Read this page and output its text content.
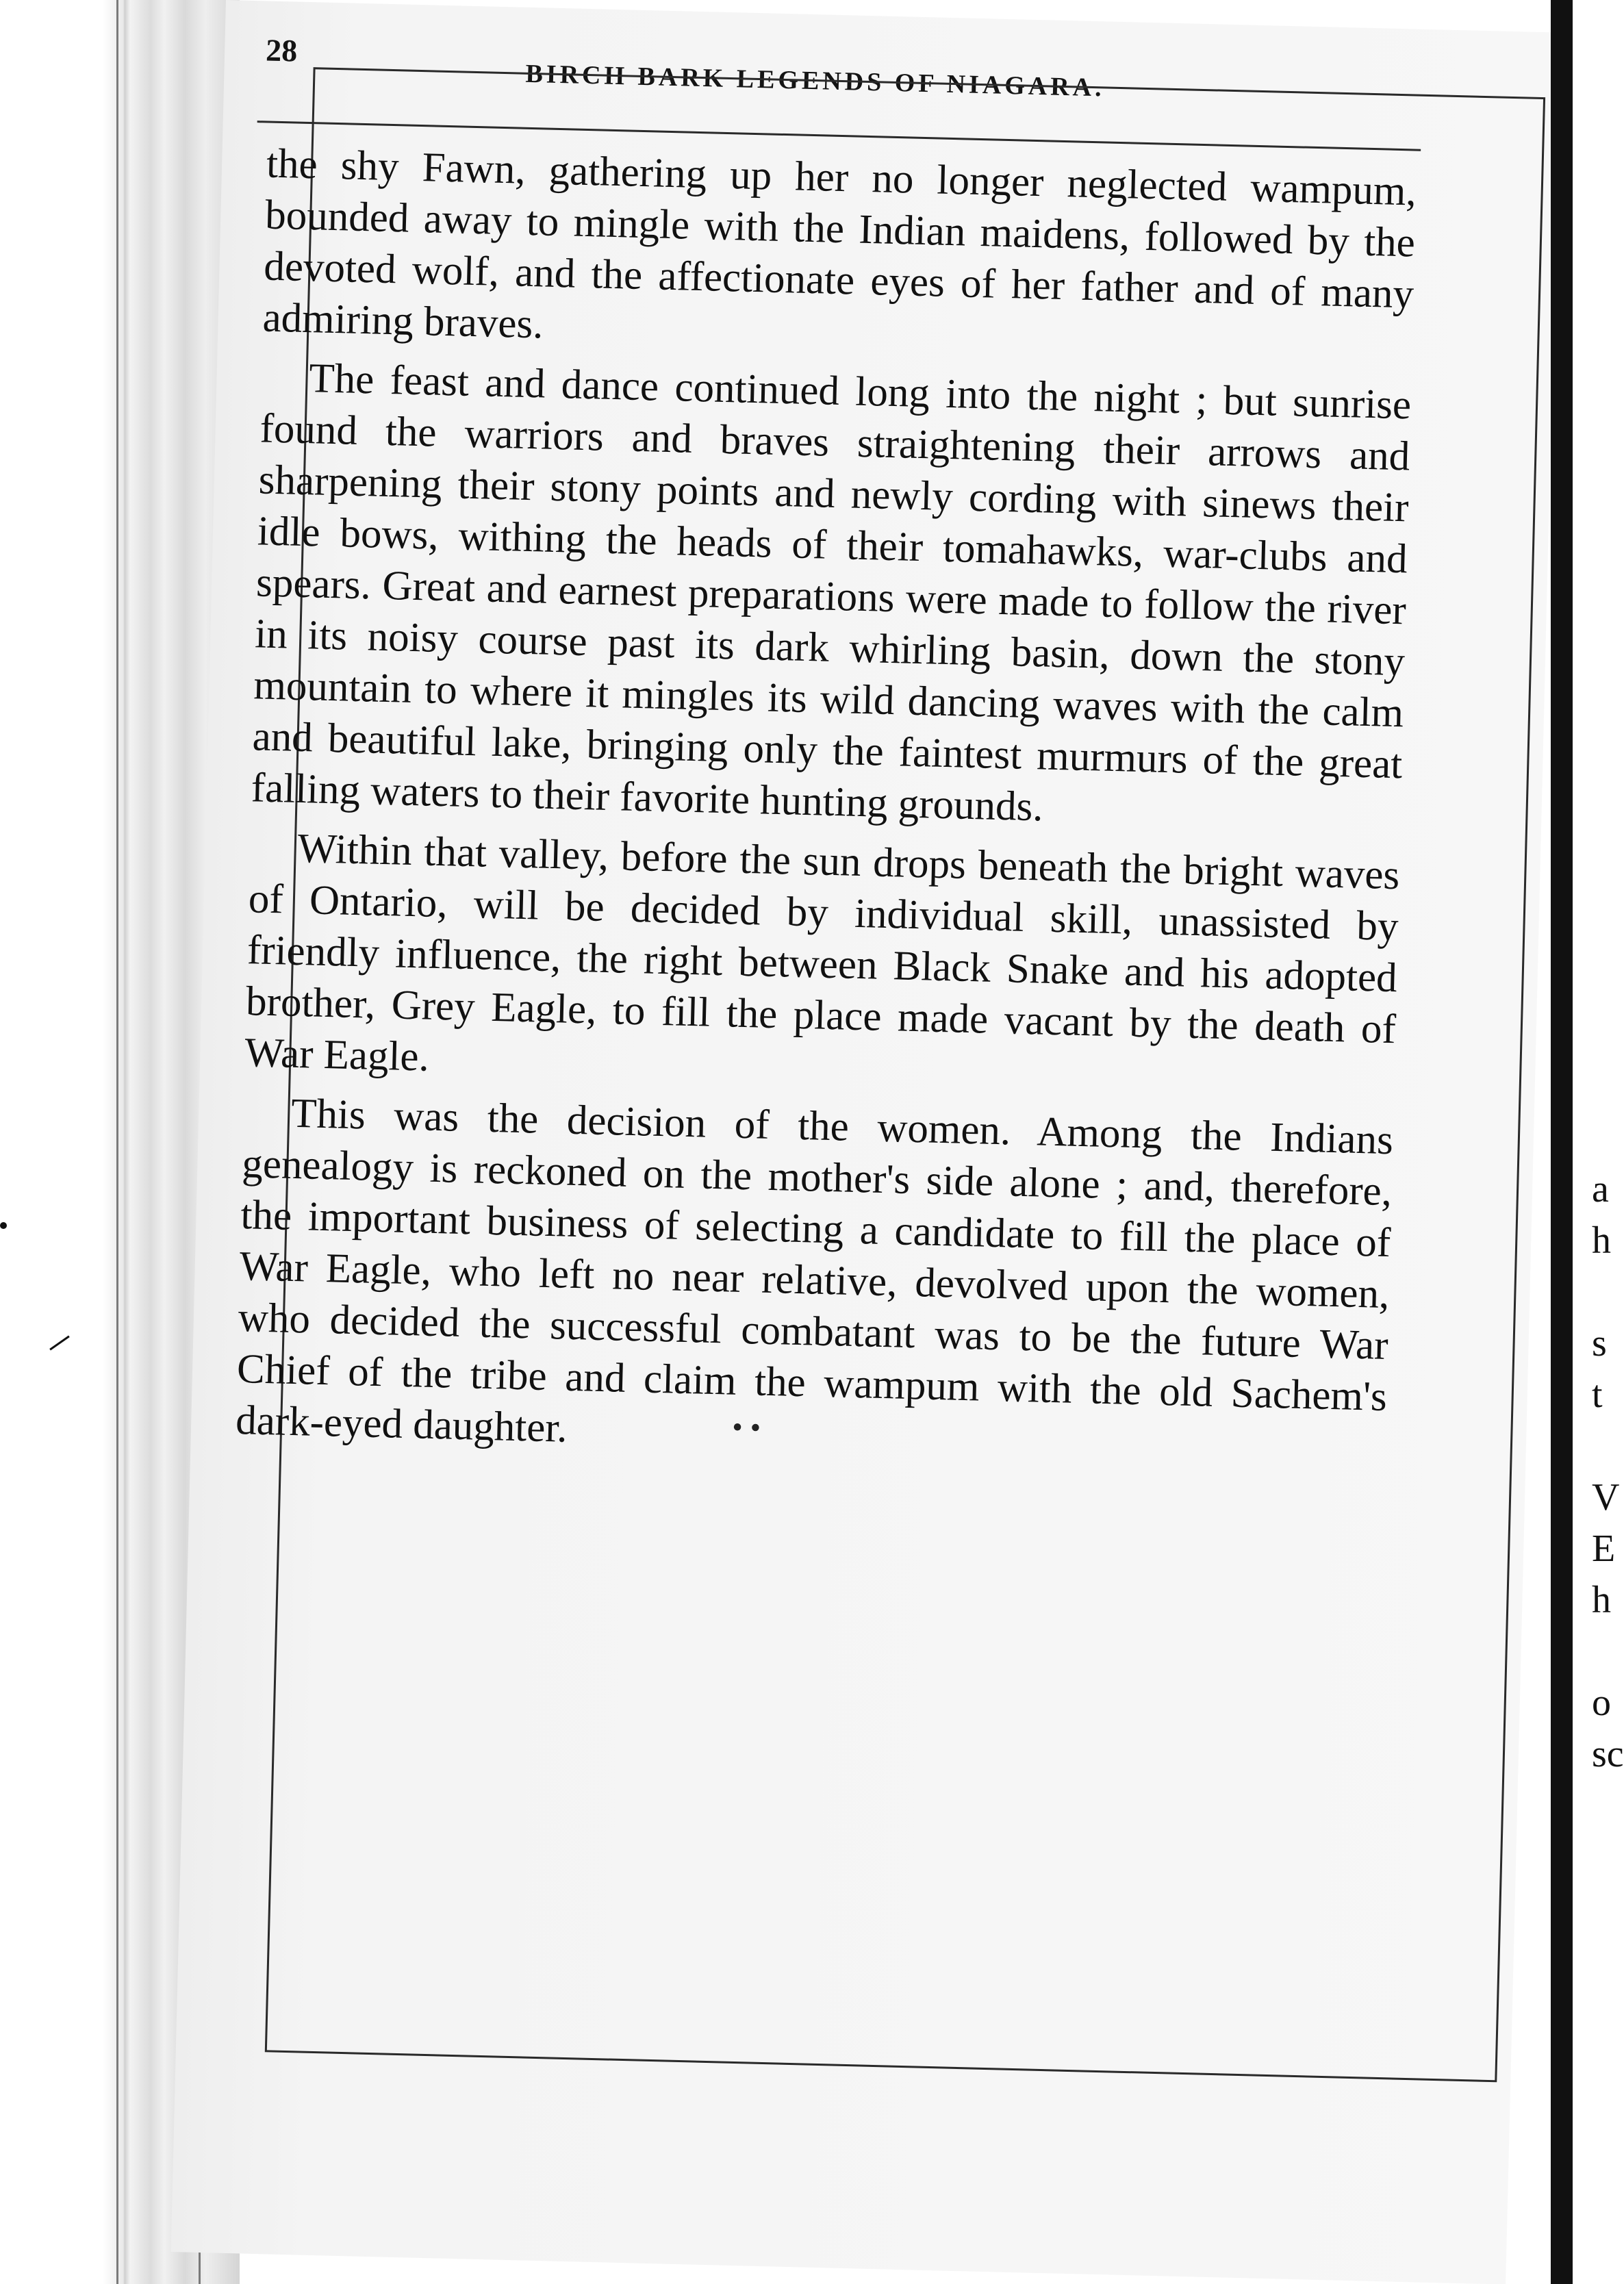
28
BIRCH BARK LEGENDS OF NIAGARA.

the shy Fawn, gathering up her no longer neglected wampum, bounded away to mingle with the Indian maidens, followed by the devoted wolf, and the affectionate eyes of her father and of many admiring braves.

The feast and dance continued long into the night ; but sunrise found the warriors and braves straightening their arrows and sharpening their stony points and newly cording with sinews their idle bows, withing the heads of their tomahawks, war-clubs and spears. Great and earnest preparations were made to follow the river in its noisy course past its dark whirling basin, down the stony mountain to where it mingles its wild dancing waves with the calm and beautiful lake, bringing only the faintest murmurs of the great falling waters to their favorite hunting grounds.

Within that valley, before the sun drops beneath the bright waves of Ontario, will be decided by individual skill, unassisted by friendly influence, the right between Black Snake and his adopted brother, Grey Eagle, to fill the place made vacant by the death of War Eagle.

This was the decision of the women. Among the Indians genealogy is reckoned on the mother's side alone ; and, therefore, the important business of selecting a candidate to fill the place of War Eagle, who left no near relative, devolved upon the women, who decided the successful combatant was to be the future War Chief of the tribe and claim the wampum with the old Sachem's dark-eyed daughter.	• •
a
h

s
t

V
E
h

o
sc
